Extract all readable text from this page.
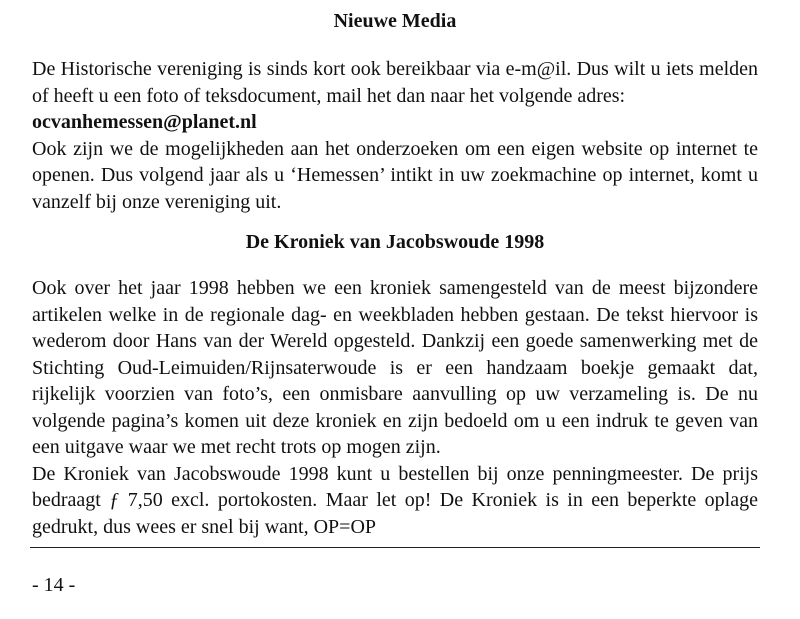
Nieuwe Media

De Historische vereniging is sinds kort ook bereikbaar via e-m@il. Dus wilt u iets melden of heeft u een foto of teksdocument, mail het dan naar het volgende adres:
ocvanhemessen@planet.nl
Ook zijn we de mogelijkheden aan het onderzoeken om een eigen website op internet te openen. Dus volgend jaar als u ‘Hemessen’ intikt in uw zoekmachine op internet, komt u vanzelf bij onze vereniging uit.

De Kroniek van Jacobswoude 1998

Ook over het jaar 1998 hebben we een kroniek samengesteld van de meest bijzondere artikelen welke in de regionale dag- en weekbladen hebben gestaan. De tekst hiervoor is wederom door Hans van der Wereld opgesteld. Dankzij een goede samenwerking met de Stichting Oud-Leimuiden/Rijnsaterwoude is er een handzaam boekje gemaakt dat, rijkelijk voorzien van foto’s, een onmisbare aanvulling op uw verzameling is. De nu volgende pagina’s komen uit deze kroniek en zijn bedoeld om u een indruk te geven van een uitgave waar we met recht trots op mogen zijn.

De Kroniek van Jacobswoude 1998 kunt u bestellen bij onze penningmeester. De prijs bedraagt ƒ 7,50 excl. portokosten. Maar let op! De Kroniek is in een beperkte oplage gedrukt, dus wees er snel bij want, OP=OP

- 14 -
